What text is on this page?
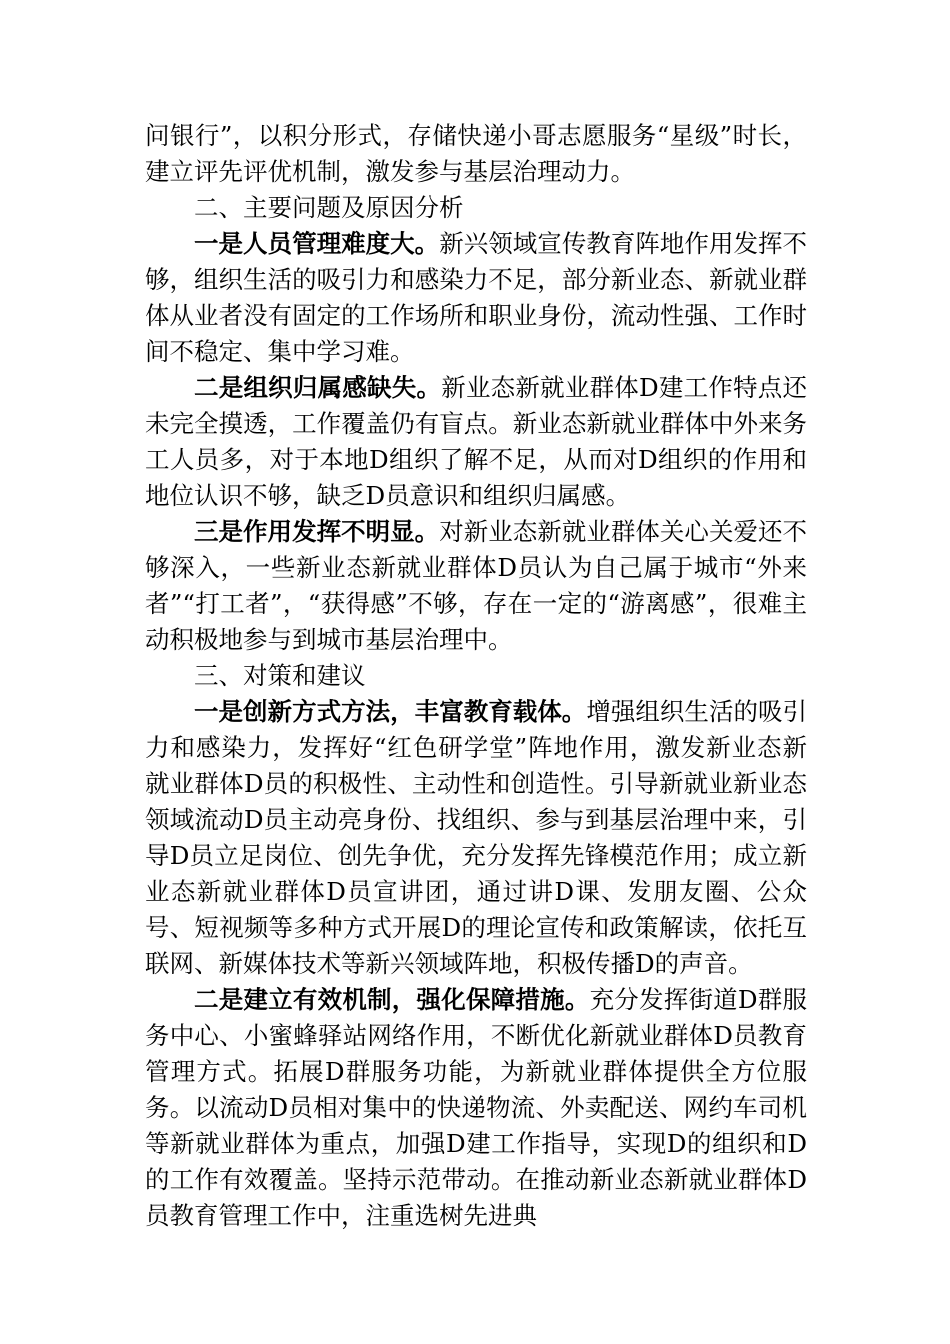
问银行”，以积分形式，存储快递小哥志愿服务“星级”时长，建立评先评优机制，激发参与基层治理动力。

二、主要问题及原因分析

一是人员管理难度大。新兴领域宣传教育阵地作用发挥不够，组织生活的吸引力和感染力不足，部分新业态、新就业群体从业者没有固定的工作场所和职业身份，流动性强、工作时间不稳定、集中学习难。

二是组织归属感缺失。新业态新就业群体D建工作特点还未完全摸透，工作覆盖仍有盲点。新业态新就业群体中外来务工人员多，对于本地D组织了解不足，从而对D组织的作用和地位认识不够，缺乏D员意识和组织归属感。

三是作用发挥不明显。对新业态新就业群体关心关爱还不够深入，一些新业态新就业群体D员认为自己属于城市“外来者”“打工者”，“获得感”不够，存在一定的“游离感”，很难主动积极地参与到城市基层治理中。

三、对策和建议

一是创新方式方法，丰富教育载体。增强组织生活的吸引力和感染力，发挥好“红色研学堂”阵地作用，激发新业态新就业群体D员的积极性、主动性和创造性。引导新就业新业态领域流动D员主动亮身份、找组织、参与到基层治理中来，引导D员立足岗位、创先争优，充分发挥先锋模范作用；成立新业态新就业群体D员宣讲团，通过讲D课、发朋友圈、公众号、短视频等多种方式开展D的理论宣传和政策解读，依托互联网、新媒体技术等新兴领域阵地，积极传播D的声音。

二是建立有效机制，强化保障措施。充分发挥街道D群服务中心、小蜜蜂驿站网络作用，不断优化新就业群体D员教育管理方式。拓展D群服务功能，为新就业群体提供全方位服务。以流动D员相对集中的快递物流、外卖配送、网约车司机等新就业群体为重点，加强D建工作指导，实现D的组织和D的工作有效覆盖。坚持示范带动。在推动新业态新就业群体D员教育管理工作中，注重选树先进典
